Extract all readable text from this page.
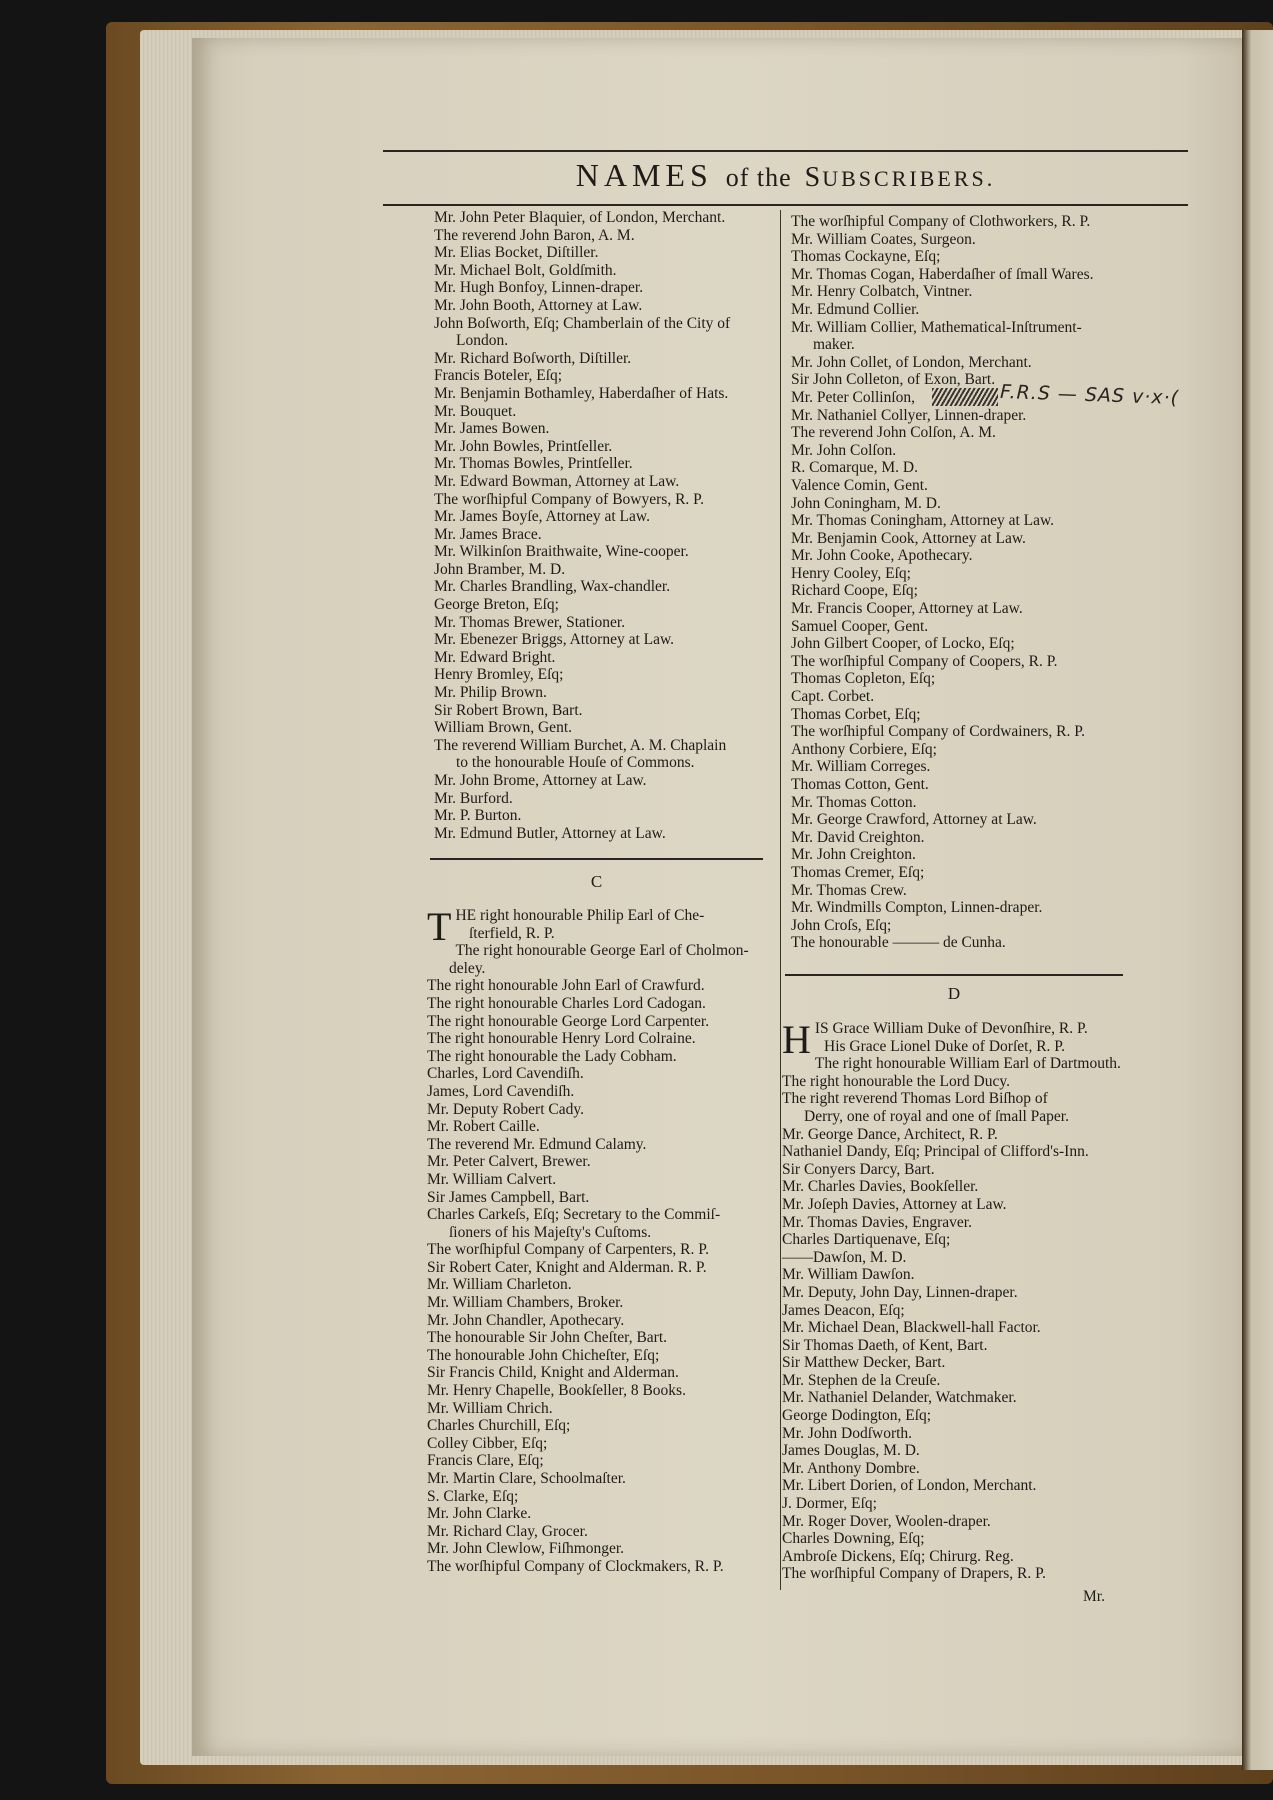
NAMES of the SUBSCRIBERS.
Mr. John Peter Blaquier, of London, Merchant.
The reverend John Baron, A. M.
Mr. Elias Bocket, Diſtiller.
Mr. Michael Bolt, Goldſmith.
Mr. Hugh Bonfoy, Linnen-draper.
Mr. John Booth, Attorney at Law.
John Boſworth, Eſq; Chamberlain of the City of
London.
Mr. Richard Boſworth, Diſtiller.
Francis Boteler, Eſq;
Mr. Benjamin Bothamley, Haberdaſher of Hats.
Mr. Bouquet.
Mr. James Bowen.
Mr. John Bowles, Printſeller.
Mr. Thomas Bowles, Printſeller.
Mr. Edward Bowman, Attorney at Law.
The worſhipful Company of Bowyers, R. P.
Mr. James Boyſe, Attorney at Law.
Mr. James Brace.
Mr. Wilkinſon Braithwaite, Wine-cooper.
John Bramber, M. D.
Mr. Charles Brandling, Wax-chandler.
George Breton, Eſq;
Mr. Thomas Brewer, Stationer.
Mr. Ebenezer Briggs, Attorney at Law.
Mr. Edward Bright.
Henry Bromley, Eſq;
Mr. Philip Brown.
Sir Robert Brown, Bart.
William Brown, Gent.
The reverend William Burchet, A. M. Chaplain
to the honourable Houſe of Commons.
Mr. John Brome, Attorney at Law.
Mr. Burford.
Mr. P. Burton.
Mr. Edmund Butler, Attorney at Law.
C
T HE right honourable Philip Earl of Che-
ſterfield, R. P.
The right honourable George Earl of Cholmon-
deley.
The right honourable John Earl of Crawfurd.
The right honourable Charles Lord Cadogan.
The right honourable George Lord Carpenter.
The right honourable Henry Lord Colraine.
The right honourable the Lady Cobham.
Charles, Lord Cavendiſh.
James, Lord Cavendiſh.
Mr. Deputy Robert Cady.
Mr. Robert Caille.
The reverend Mr. Edmund Calamy.
Mr. Peter Calvert, Brewer.
Mr. William Calvert.
Sir James Campbell, Bart.
Charles Carkeſs, Eſq; Secretary to the Commiſ-
ſioners of his Majeſty's Cuſtoms.
The worſhipful Company of Carpenters, R. P.
Sir Robert Cater, Knight and Alderman. R. P.
Mr. William Charleton.
Mr. William Chambers, Broker.
Mr. John Chandler, Apothecary.
The honourable Sir John Cheſter, Bart.
The honourable John Chicheſter, Eſq;
Sir Francis Child, Knight and Alderman.
Mr. Henry Chapelle, Bookſeller, 8 Books.
Mr. William Chrich.
Charles Churchill, Eſq;
Colley Cibber, Eſq;
Francis Clare, Eſq;
Mr. Martin Clare, Schoolmaſter.
S. Clarke, Eſq;
Mr. John Clarke.
Mr. Richard Clay, Grocer.
Mr. John Clewlow, Fiſhmonger.
The worſhipful Company of Clockmakers, R. P.
The worſhipful Company of Clothworkers, R. P.
Mr. William Coates, Surgeon.
Thomas Cockayne, Eſq;
Mr. Thomas Cogan, Haberdaſher of ſmall Wares.
Mr. Henry Colbatch, Vintner.
Mr. Edmund Collier.
Mr. William Collier, Mathematical-Inſtrument-
maker.
Mr. John Collet, of London, Merchant.
Sir John Colleton, of Exon, Bart.
Mr. Peter Collinſon,
Mr. Nathaniel Collyer, Linnen-draper.
The reverend John Colſon, A. M.
Mr. John Colſon.
R. Comarque, M. D.
Valence Comin, Gent.
John Coningham, M. D.
Mr. Thomas Coningham, Attorney at Law.
Mr. Benjamin Cook, Attorney at Law.
Mr. John Cooke, Apothecary.
Henry Cooley, Eſq;
Richard Coope, Eſq;
Mr. Francis Cooper, Attorney at Law.
Samuel Cooper, Gent.
John Gilbert Cooper, of Locko, Eſq;
The worſhipful Company of Coopers, R. P.
Thomas Copleton, Eſq;
Capt. Corbet.
Thomas Corbet, Eſq;
The worſhipful Company of Cordwainers, R. P.
Anthony Corbiere, Eſq;
Mr. William Correges.
Thomas Cotton, Gent.
Mr. Thomas Cotton.
Mr. George Crawford, Attorney at Law.
Mr. David Creighton.
Mr. John Creighton.
Thomas Cremer, Eſq;
Mr. Thomas Crew.
Mr. Windmills Compton, Linnen-draper.
John Croſs, Eſq;
The honourable ——— de Cunha.
F.R.S — SAS v·x·(
D
H IS Grace William Duke of Devonſhire, R. P.
His Grace Lionel Duke of Dorſet, R. P.
The right honourable William Earl of Dartmouth.
The right honourable the Lord Ducy.
The right reverend Thomas Lord Biſhop of
Derry, one of royal and one of ſmall Paper.
Mr. George Dance, Architect, R. P.
Nathaniel Dandy, Eſq; Principal of Clifford's-Inn.
Sir Conyers Darcy, Bart.
Mr. Charles Davies, Bookſeller.
Mr. Joſeph Davies, Attorney at Law.
Mr. Thomas Davies, Engraver.
Charles Dartiquenave, Eſq;
——Dawſon, M. D.
Mr. William Dawſon.
Mr. Deputy, John Day, Linnen-draper.
James Deacon, Eſq;
Mr. Michael Dean, Blackwell-hall Factor.
Sir Thomas Daeth, of Kent, Bart.
Sir Matthew Decker, Bart.
Mr. Stephen de la Creuſe.
Mr. Nathaniel Delander, Watchmaker.
George Dodington, Eſq;
Mr. John Dodſworth.
James Douglas, M. D.
Mr. Anthony Dombre.
Mr. Libert Dorien, of London, Merchant.
J. Dormer, Eſq;
Mr. Roger Dover, Woolen-draper.
Charles Downing, Eſq;
Ambroſe Dickens, Eſq; Chirurg. Reg.
The worſhipful Company of Drapers, R. P.
Mr.
